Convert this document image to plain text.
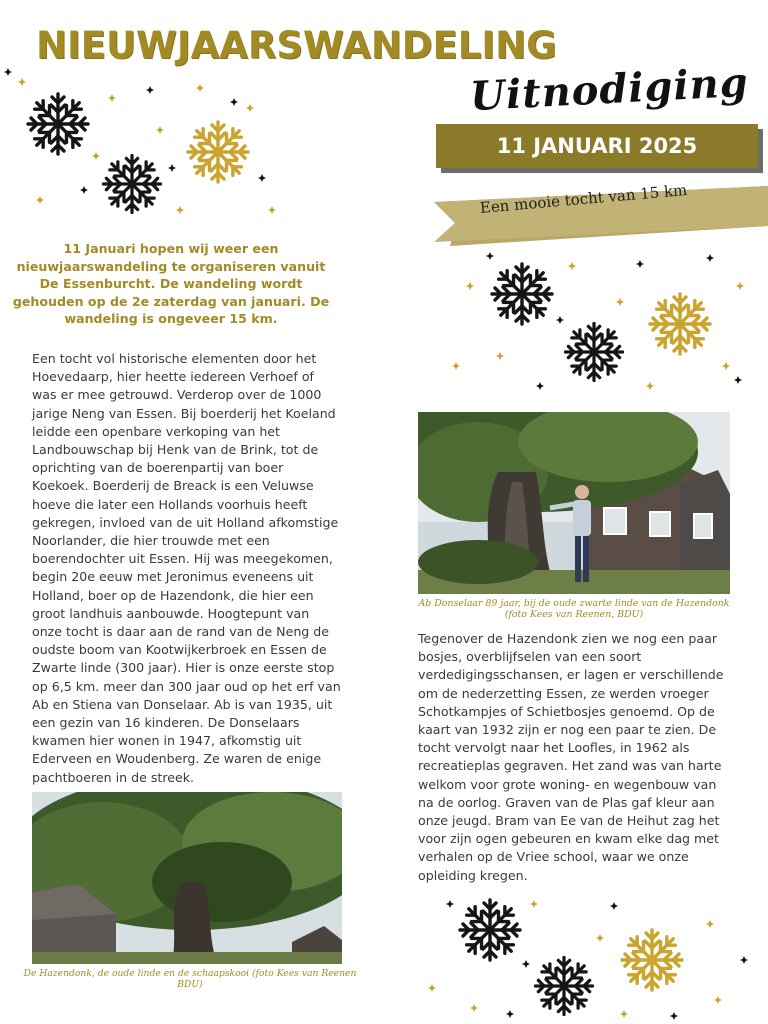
NIEUWJAARSWANDELING
Uitnodiging
11 JANUARI 2025
Een mooie tocht van 15 km
11 Januari hopen wij weer een nieuwjaarswandeling te organiseren vanuit De Essenburcht. De wandeling wordt gehouden op de 2e zaterdag van januari. De wandeling is ongeveer 15 km.
Een tocht vol historische elementen door het Hoevedaarp, hier heette iedereen Verhoef of was er mee getrouwd. Verderop over de 1000 jarige Neng van Essen. Bij boerderij het Koeland leidde een openbare verkoping van het Landbouwschap bij Henk van de Brink, tot de oprichting van de boerenpartij van boer Koekoek. Boerderij de Breack is een Veluwse hoeve die later een Hollands voorhuis heeft gekregen, invloed van de uit Holland afkomstige Noorlander, die hier trouwde met een boerendochter uit Essen. Hij was meegekomen, begin 20e eeuw met Jeronimus eveneens uit Holland, boer op de Hazendonk, die hier een groot landhuis aanbouwde. Hoogtepunt van onze tocht is daar aan de rand van de Neng de oudste boom van Kootwijkerbroek en Essen de Zwarte linde (300 jaar). Hier is onze eerste stop op 6,5 km. meer dan 300 jaar oud op het erf van Ab en Stiena van Donselaar. Ab is van 1935, uit een gezin van 16 kinderen. De Donselaars kwamen hier wonen in 1947, afkomstig uit Ederveen en Woudenberg. Ze waren de enige pachtboeren in de streek.
Ab Donselaar 89 jaar, bij de oude zwarte linde van de Hazendonk (foto Kees van Reenen, BDU)
Tegenover de Hazendonk zien we nog een paar bosjes, overblijfselen van een soort verdedigingsschansen, er lagen er verschillende om de nederzetting Essen, ze werden vroeger Schotkampjes of Schietbosjes genoemd. Op de kaart van 1932 zijn er nog een paar te zien. De tocht vervolgt naar het Loofles, in 1962 als recreatieplas gegraven. Het zand was van harte welkom voor grote woning- en wegenbouw van na de oorlog. Graven van de Plas gaf kleur aan onze jeugd. Bram van Ee van de Heihut zag het voor zijn ogen gebeuren en kwam elke dag met verhalen op de Vriee school, waar we onze opleiding kregen.
De Hazendonk, de oude linde en de schaapskooi (foto Kees van Reenen BDU)
